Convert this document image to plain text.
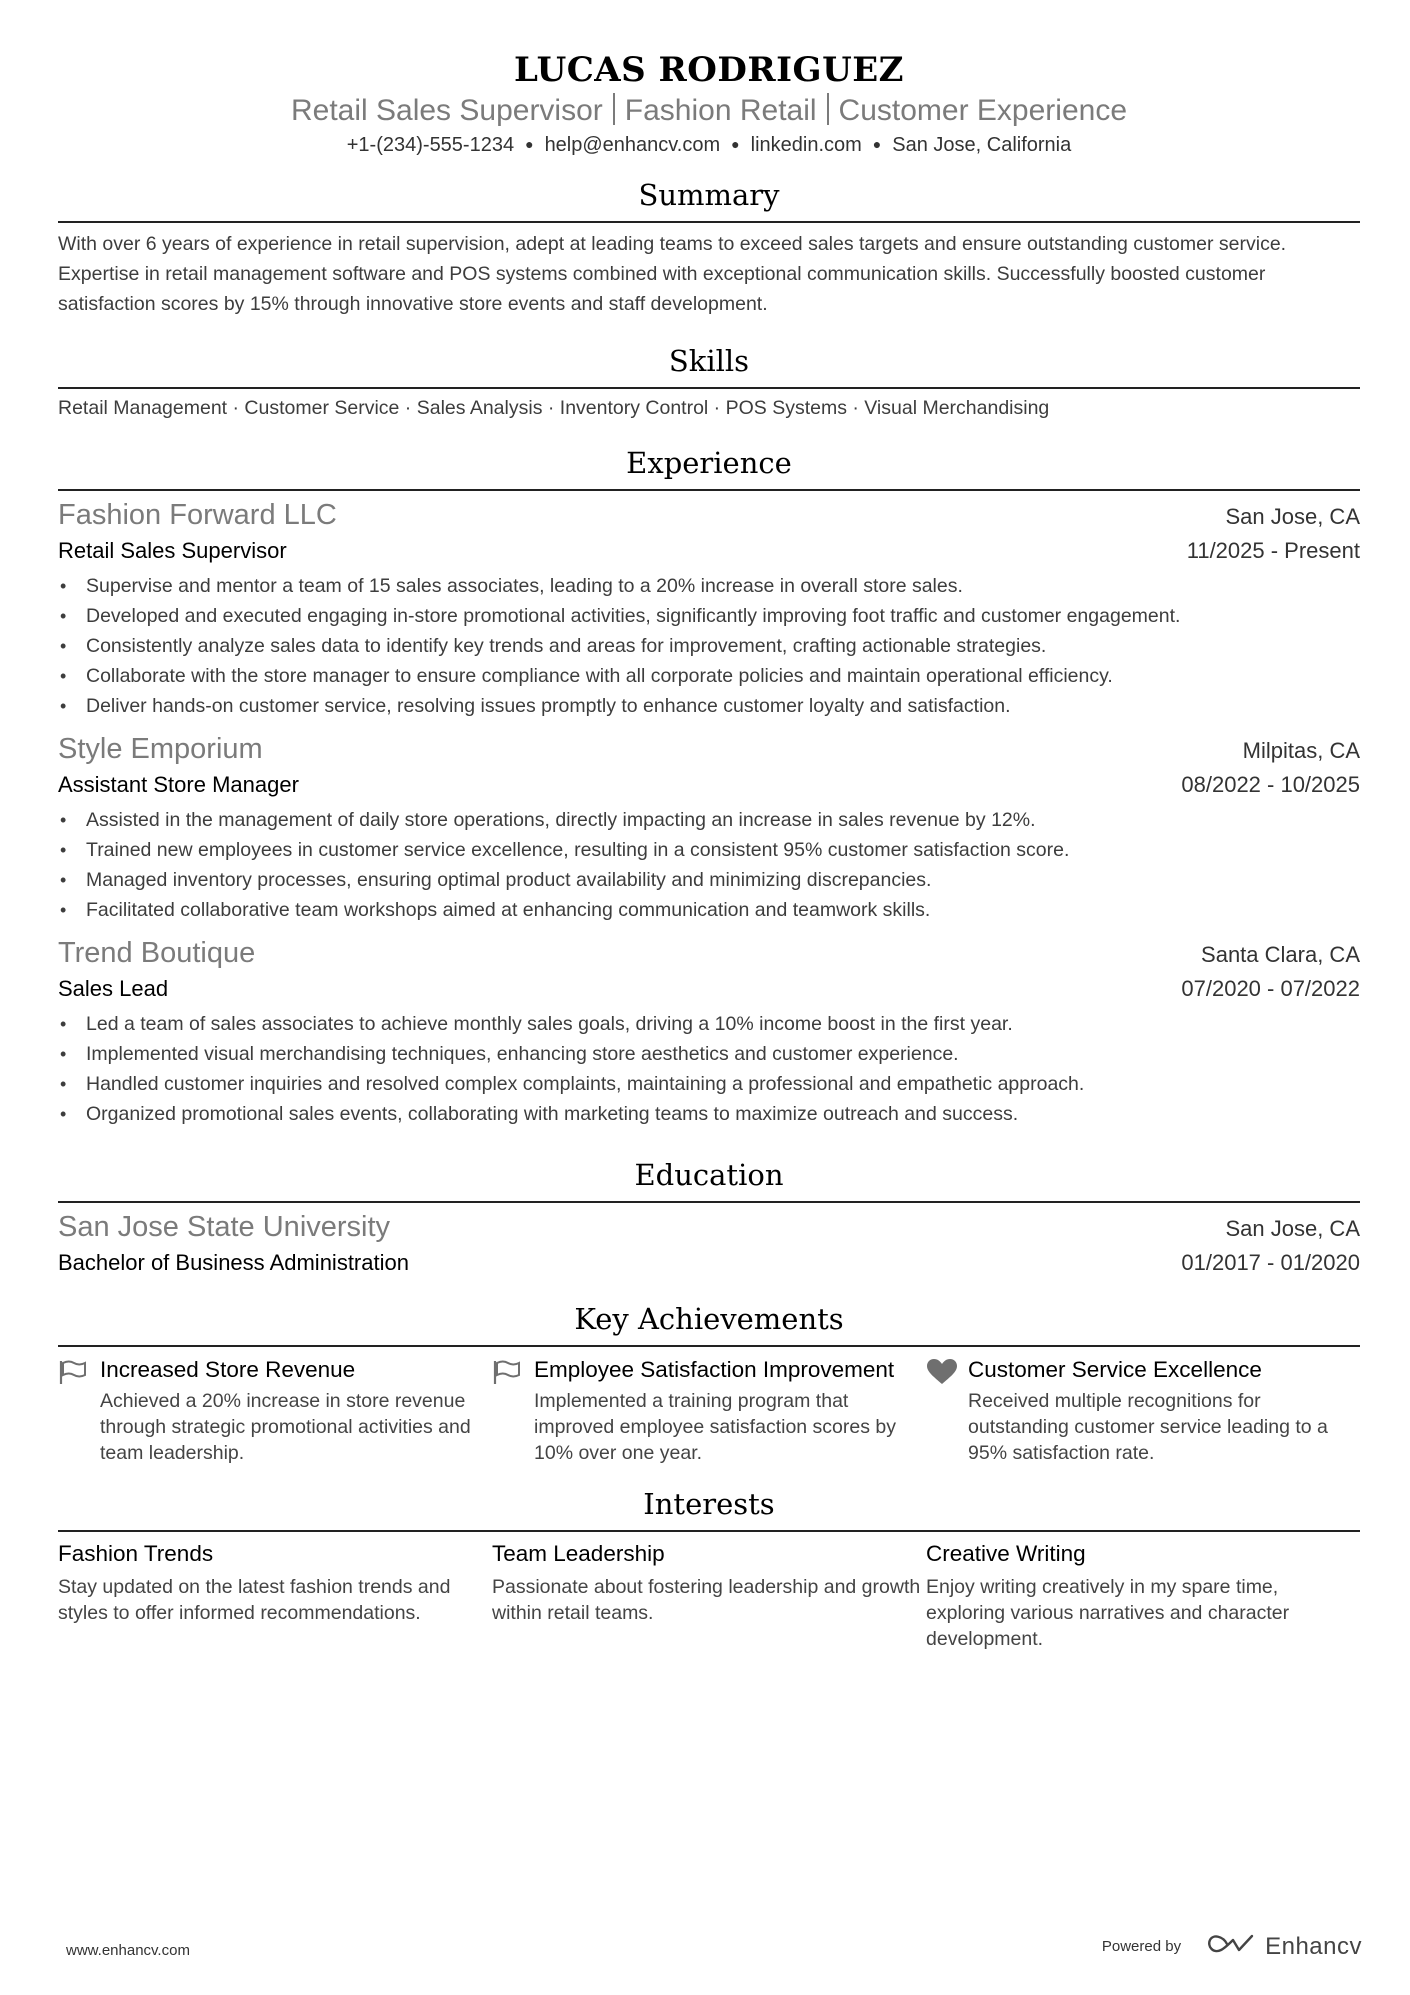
LUCAS RODRIGUEZ
Retail Sales Supervisor Fashion Retail Customer Experience
+1-(234)-555-1234 ● help@enhancv.com ● linkedin.com ● San Jose, California
Summary
With over 6 years of experience in retail supervision, adept at leading teams to exceed sales targets and ensure outstanding customer service. Expertise in retail management software and POS systems combined with exceptional communication skills. Successfully boosted customer satisfaction scores by 15% through innovative store events and staff development.
Skills
Retail Management · Customer Service · Sales Analysis · Inventory Control · POS Systems · Visual Merchandising
Experience
Fashion Forward LLC	San Jose, CA
Retail Sales Supervisor	11/2025 - Present
• Supervise and mentor a team of 15 sales associates, leading to a 20% increase in overall store sales.
• Developed and executed engaging in-store promotional activities, significantly improving foot traffic and customer engagement.
• Consistently analyze sales data to identify key trends and areas for improvement, crafting actionable strategies.
• Collaborate with the store manager to ensure compliance with all corporate policies and maintain operational efficiency.
• Deliver hands-on customer service, resolving issues promptly to enhance customer loyalty and satisfaction.
Style Emporium	Milpitas, CA
Assistant Store Manager	08/2022 - 10/2025
• Assisted in the management of daily store operations, directly impacting an increase in sales revenue by 12%.
• Trained new employees in customer service excellence, resulting in a consistent 95% customer satisfaction score.
• Managed inventory processes, ensuring optimal product availability and minimizing discrepancies.
• Facilitated collaborative team workshops aimed at enhancing communication and teamwork skills.
Trend Boutique	Santa Clara, CA
Sales Lead	07/2020 - 07/2022
• Led a team of sales associates to achieve monthly sales goals, driving a 10% income boost in the first year.
• Implemented visual merchandising techniques, enhancing store aesthetics and customer experience.
• Handled customer inquiries and resolved complex complaints, maintaining a professional and empathetic approach.
• Organized promotional sales events, collaborating with marketing teams to maximize outreach and success.
Education
San Jose State University	San Jose, CA
Bachelor of Business Administration	01/2017 - 01/2020
Key Achievements
Increased Store Revenue
Achieved a 20% increase in store revenue through strategic promotional activities and team leadership.
Employee Satisfaction Improvement
Implemented a training program that improved employee satisfaction scores by 10% over one year.
Customer Service Excellence
Received multiple recognitions for outstanding customer service leading to a 95% satisfaction rate.
Interests
Fashion Trends
Stay updated on the latest fashion trends and styles to offer informed recommendations.
Team Leadership
Passionate about fostering leadership and growth within retail teams.
Creative Writing
Enjoy writing creatively in my spare time, exploring various narratives and character development.
www.enhancv.com	Powered by	Enhancv
